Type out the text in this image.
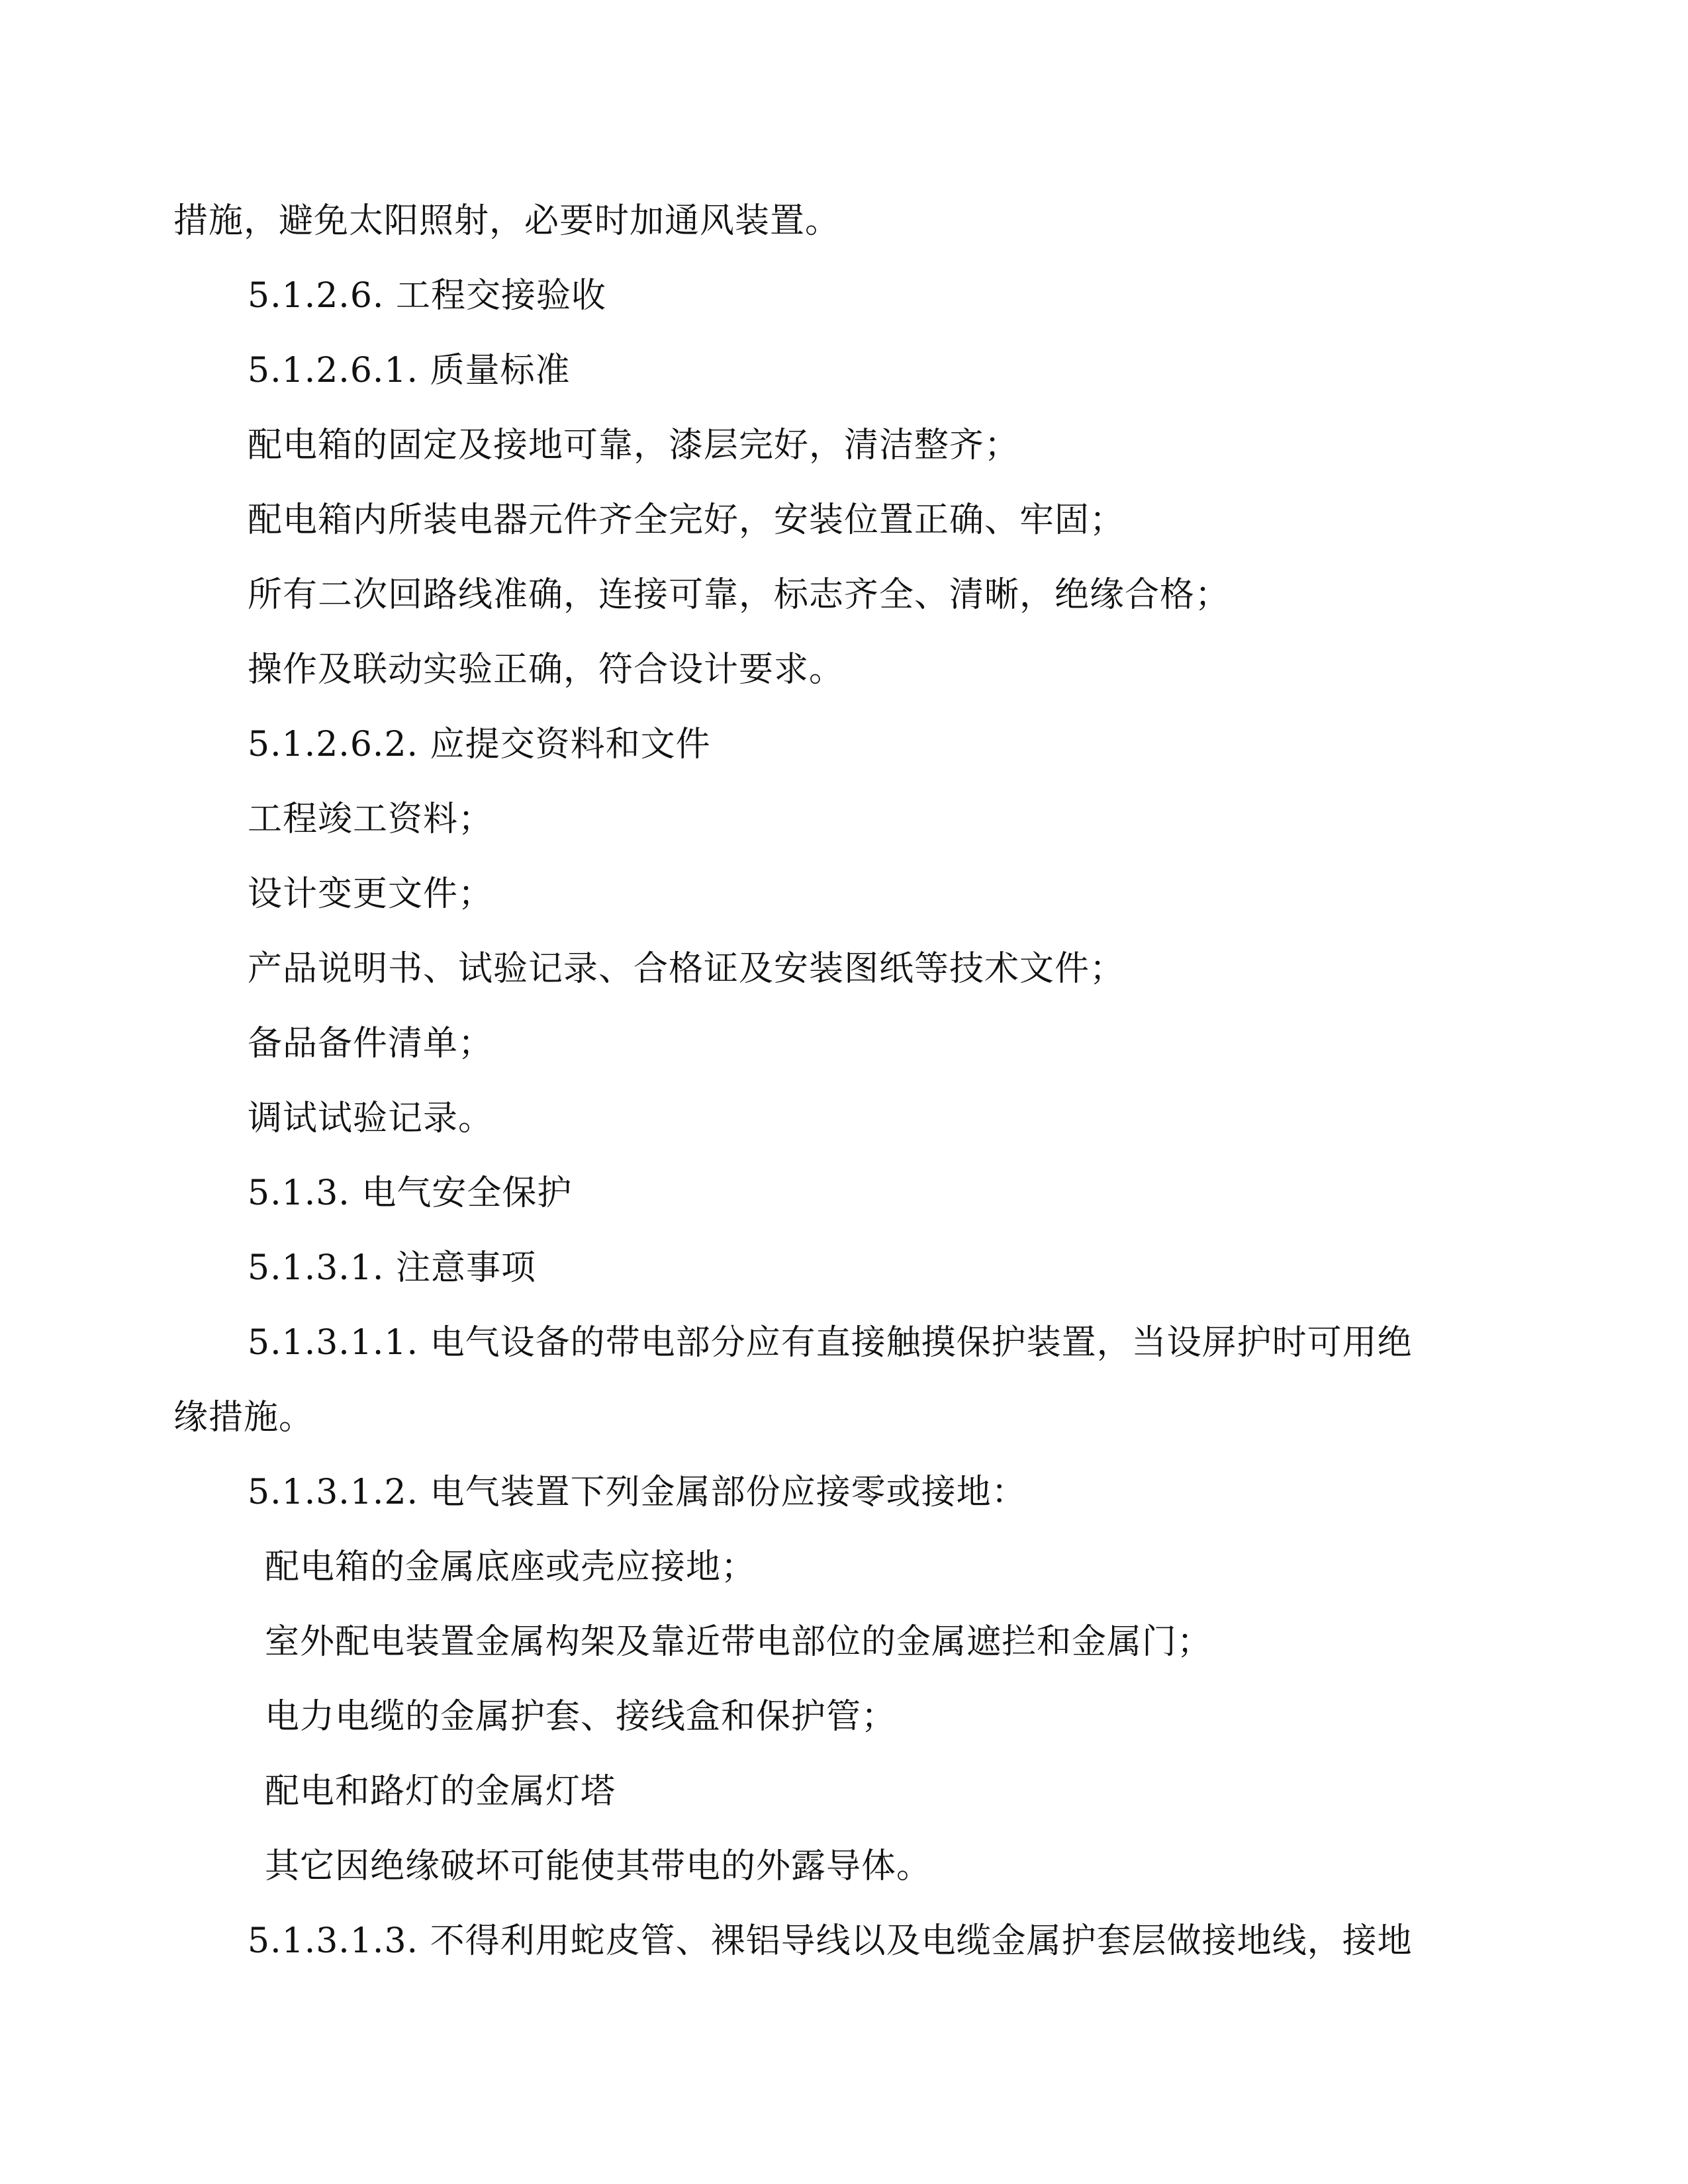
措施，避免太阳照射，必要时加通风装置。
5.1.2.6. 工程交接验收
5.1.2.6.1. 质量标准
配电箱的固定及接地可靠，漆层完好，清洁整齐；
配电箱内所装电器元件齐全完好，安装位置正确、牢固；
所有二次回路线准确，连接可靠，标志齐全、清晰，绝缘合格；
操作及联动实验正确，符合设计要求。
5.1.2.6.2. 应提交资料和文件
工程竣工资料；
设计变更文件；
产品说明书、试验记录、合格证及安装图纸等技术文件；
备品备件清单；
调试试验记录。
5.1.3. 电气安全保护
5.1.3.1. 注意事项
5.1.3.1.1. 电气设备的带电部分应有直接触摸保护装置，当设屏护时可用绝
缘措施。
5.1.3.1.2. 电气装置下列金属部份应接零或接地：
配电箱的金属底座或壳应接地；
室外配电装置金属构架及靠近带电部位的金属遮拦和金属门；
电力电缆的金属护套、接线盒和保护管；
配电和路灯的金属灯塔
其它因绝缘破坏可能使其带电的外露导体。
5.1.3.1.3. 不得利用蛇皮管、裸铝导线以及电缆金属护套层做接地线，接地
